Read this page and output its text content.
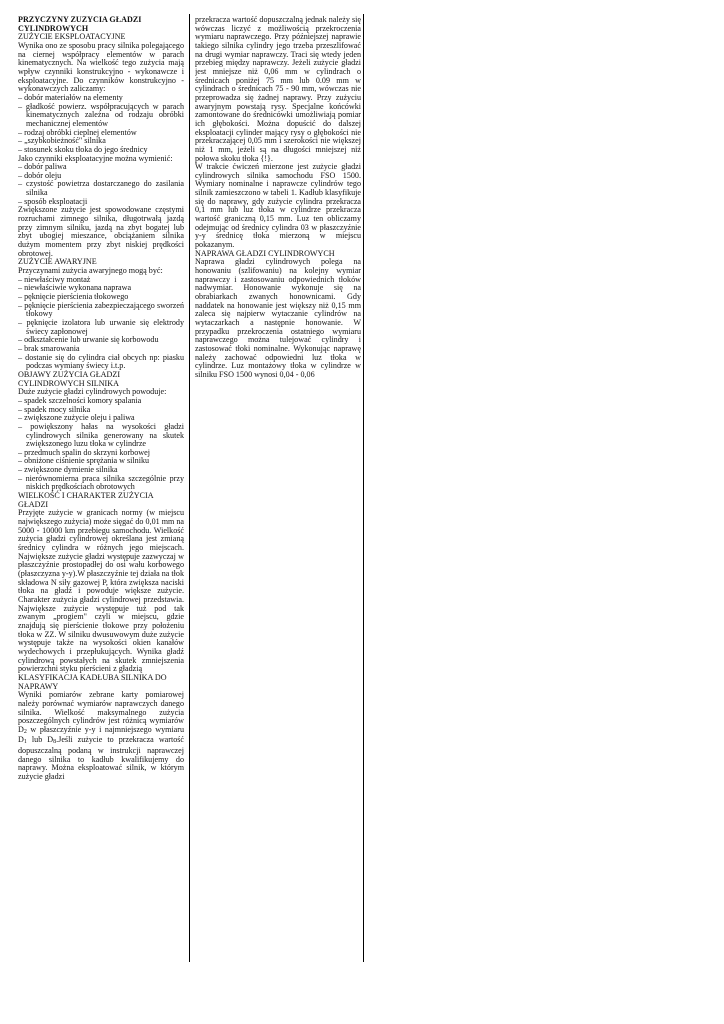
PRZYCZYNY ZUŻYCIA GŁADZI CYLINDROWYCH
ZUŻYCIE EKSPLOATACYJNE

Wynika ono ze sposobu pracy silnika polegającego na ciernej współpracy elementów w parach kinematycznych. Na wielkość tego zużycia mają wpływ czynniki konstrukcyjno - wykonawcze i eksploatacyjne. Do czynników konstrukcyjno - wykonawczych zaliczamy:

– dobór materiałów na elementy
– gładkość powierz. współpracujących w parach kinematycznych zależna od rodzaju obróbki mechanicznej elementów
– rodzaj obróbki cieplnej elementów
– „szybkobieżność" silnika
– stosunek skoku tłoka do jego średnicy

Jako czynniki eksploatacyjne można wymienić:

– dobór paliwa
– dobór oleju
– czystość powietrza dostarczanego do zasilania silnika
– sposób eksploatacji

Zwiększone zużycie jest spowodowane częstymi rozruchami zimnego silnika, długotrwałą jazdą przy zimnym silniku, jazdą na zbyt bogatej lub zbyt ubogiej mieszance, obciążaniem silnika dużym momentem przy zbyt niskiej prędkości obrotowej.

ZUŻYCIE AWARYJNE

Przyczynami zużycia awaryjnego mogą być:

– niewłaściwy montaż
– niewłaściwie wykonana naprawa
– pęknięcie pierścienia tłokowego
– pęknięcie pierścienia zabezpieczającego sworzeń tłokowy
– pęknięcie izolatora lub urwanie się elektrody świecy zapłonowej
– odkształcenie lub urwanie się korbowodu
– brak smarowania
– dostanie się do cylindra ciał obcych np: piasku podczas wymiany świecy i.t.p.
OBJAWY ZUŻYCIA GŁADZI CYLINDROWYCH SILNIKA

Duże zużycie gładzi cylindrowych powoduje:

– spadek szczelności komory spalania
– spadek mocy silnika
– zwiększone zużycie oleju i paliwa
– powiększony hałas na wysokości gładzi cylindrowych silnika generowany na skutek zwiększonego luzu tłoka w cylindrze
– przedmuch spalin do skrzyni korbowej
– obniżone ciśnienie sprężania w silniku
– zwiększone dymienie silnika
– nierównomierna praca silnika szczególnie przy niskich prędkościach obrotowych
WIELKOŚĆ I CHARAKTER ZUŻYCIA GŁADZI

Przyjęte zużycie w granicach normy (w miejscu największego zużycia) może sięgać do 0,01 mm na 5000 - 10000 km przebiegu samochodu. Wielkość zużycia gładzi cylindrowej określana jest zmianą średnicy cylindra w różnych jego miejscach. Największe zużycie gładzi występuje zazwyczaj w płaszczyźnie prostopadłej do osi wału korbowego (płaszczyzna y-y).W płaszczyźnie tej działa na tłok składowa N siły gazowej P, która zwiększa naciski tłoka na gładź i powoduje większe zużycie. Charakter zużycia gładzi cylindrowej przedstawia. Największe zużycie występuje tuż pod tak zwanym „progiem" czyli w miejscu, gdzie znajdują się pierścienie tłokowe przy położeniu tłoka w ZZ. W silniku dwusuwowym duże zużycie występuje także na wysokości okien kanałów wydechowych i przepłukujących. Wynika gładź cylindrową powstałych na skutek zmniejszenia powierzchni styku pierścieni z gładzią

KLASYFIKACJA KADŁUBA SILNIKA DO NAPRAWY

Wyniki pomiarów zebrane karty pomiarowej należy porównać wymiarów naprawczych danego silnika. Wielkość maksymalnego zużycia poszczególnych cylindrów jest różnicą wymiarów D2 w płaszczyźnie y-y i najmniejszego wymiaru D1 lub D8.Jeśli zużycie to przekracza wartość dopuszczalną podaną w instrukcji naprawczej danego silnika to kadłub kwalifikujemy do naprawy. Można eksploatować silnik, w którym zużycie gładzi

przekracza wartość dopuszczalną jednak należy się wówczas liczyć z możliwością przekroczenia wymiaru naprawczego. Przy późniejszej naprawie takiego silnika cylindry jego trzeba przeszlifować na drugi wymiar naprawczy. Traci się wtedy jeden przebieg między naprawczy. Jeżeli zużycie gładzi jest mniejsze niż 0,06 mm w cylindrach o średnicach poniżej 75 mm lub 0.09 mm w cylindrach o średnicach 75 - 90 mm, wówczas nie przeprowadza się żadnej naprawy. Przy zużyciu awaryjnym powstają rysy. Specjalne końcówki zamontowane do średnicówki umożliwiają pomiar ich głębokości. Można dopuścić do dalszej eksploatacji cylinder mający rysy o głębokości nie przekraczającej 0,05 mm i szerokości nie większej niż 1 mm, jeżeli są na długości mniejszej niż połowa skoku tłoka {!}.

W trakcie ćwiczeń mierzone jest zużycie gładzi cylindrowych silnika samochodu FSO 1500. Wymiary nominalne i naprawcze cylindrów tego silnik zamieszczono w tabeli 1. Kadłub klasyfikuje się do naprawy, gdy zużycie cylindra przekracza 0,1 mm lub luz tłoka w cylindrze przekracza wartość graniczną 0,15 mm. Luz ten obliczamy odejmując od średnicy cylindra 03 w płaszczyźnie y-y średnicę tłoka mierzoną w miejscu pokazanym.

NAPRAWA GŁADZI CYLINDROWYCH

Naprawa gładzi cylindrowych polega na honowaniu (szlifowaniu) na kolejny wymiar naprawczy i zastosowaniu odpowiednich tłoków nadwymiar. Honowanie wykonuje się na obrabiarkach zwanych honownicami. Gdy naddatek na honowanie jest większy niż 0,15 mm zaleca się najpierw wytaczanie cylindrów na wytaczarkach a następnie honowanie. W przypadku przekroczenia ostatniego wymiaru naprawczego można tulejować cylindry i zastosować tłoki nominalne. Wykonując naprawę należy zachować odpowiedni luz tłoka w cylindrze. Luz montażowy tłoka w cylindrze w silniku FSO 1500 wynosi 0,04 - 0,06
